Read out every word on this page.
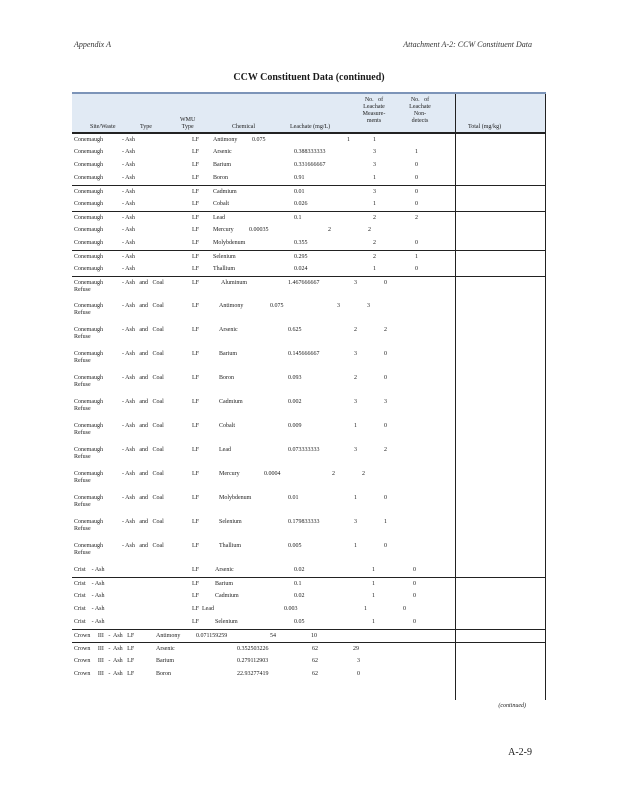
Appendix A	Attachment A-2: CCW Constituent Data
CCW Constituent Data (continued)
Site/Waste	Type
WMU
Type	Chemical	Leachate (mg/L)
No.   of
Leachate
Measure-
ments
No.   of
Leachate
Non-
detects
Total (mg/kg)
Conemaugh	- Ash	LF Antimony 0.075	1	1
Conemaugh	- Ash	LF Arsenic	0.388333333	3	1
Conemaugh	- Ash	LF Barium	0.331666667	3	0
Conemaugh	- Ash	LF Boron	0.91	1	0
Conemaugh	- Ash	LF Cadmium	0.01	3	0
Conemaugh	- Ash	LF Cobalt	0.026	1	0
Conemaugh	- Ash	LF Lead	0.1	2	2
Conemaugh	- Ash	LF Mercury	0.00035	2	2
Conemaugh	- Ash	LF Molybdenum	0.355	2	0
Conemaugh	- Ash	LF Selenium	0.295	2	1
Conemaugh	- Ash	LF Thallium	0.024	1	0
Conemaugh
Refuse
- Ash   and   Coal	LF	Aluminum	1.467666667	3	0
Conemaugh
Refuse
- Ash   and   Coal	LF	Antimony	0.075	3	3
Conemaugh
Refuse
- Ash   and   Coal	LF	Arsenic	0.625	2	2
Conemaugh
Refuse
- Ash   and   Coal	LF	Barium	0.145666667	3	0
Conemaugh
Refuse
- Ash   and   Coal	LF	Boron	0.093	2	0
Conemaugh
Refuse
- Ash   and   Coal	LF	Cadmium	0.002	3	3
Conemaugh
Refuse
- Ash   and   Coal	LF	Cobalt	0.009	1	0
Conemaugh
Refuse
- Ash   and   Coal	LF	Lead	0.073333333	3	2
Conemaugh
Refuse
- Ash   and   Coal	LF	Mercury	0.0004	2	2
Conemaugh
Refuse
- Ash   and   Coal	LF	Molybdenum	0.01	1	0
Conemaugh
Refuse
- Ash   and   Coal	LF	Selenium	0.179833333	3	1
Conemaugh
Refuse
- Ash   and   Coal	LF	Thallium	0.005	1	0
Crist    - Ash	LF	Arsenic	0.02	1	0
Crist    - Ash	LF	Barium	0.1	1	0
Crist    - Ash	LF	Cadmium	0.02	1	0
Crist    - Ash	LF  Lead	0.003	1	0
Crist    - Ash	LF	Selenium	0.05	1	0
Crown     III   -  Ash   LF	Antimony	0.071159259	54	10
Crown     III   -  Ash   LF	Arsenic	0.352503226	62	29
Crown     III   -  Ash   LF	Barium	0.279112903	62	3
Crown     III   -  Ash   LF	Boron	22.93277419	62	0
(continued)
A-2-9
